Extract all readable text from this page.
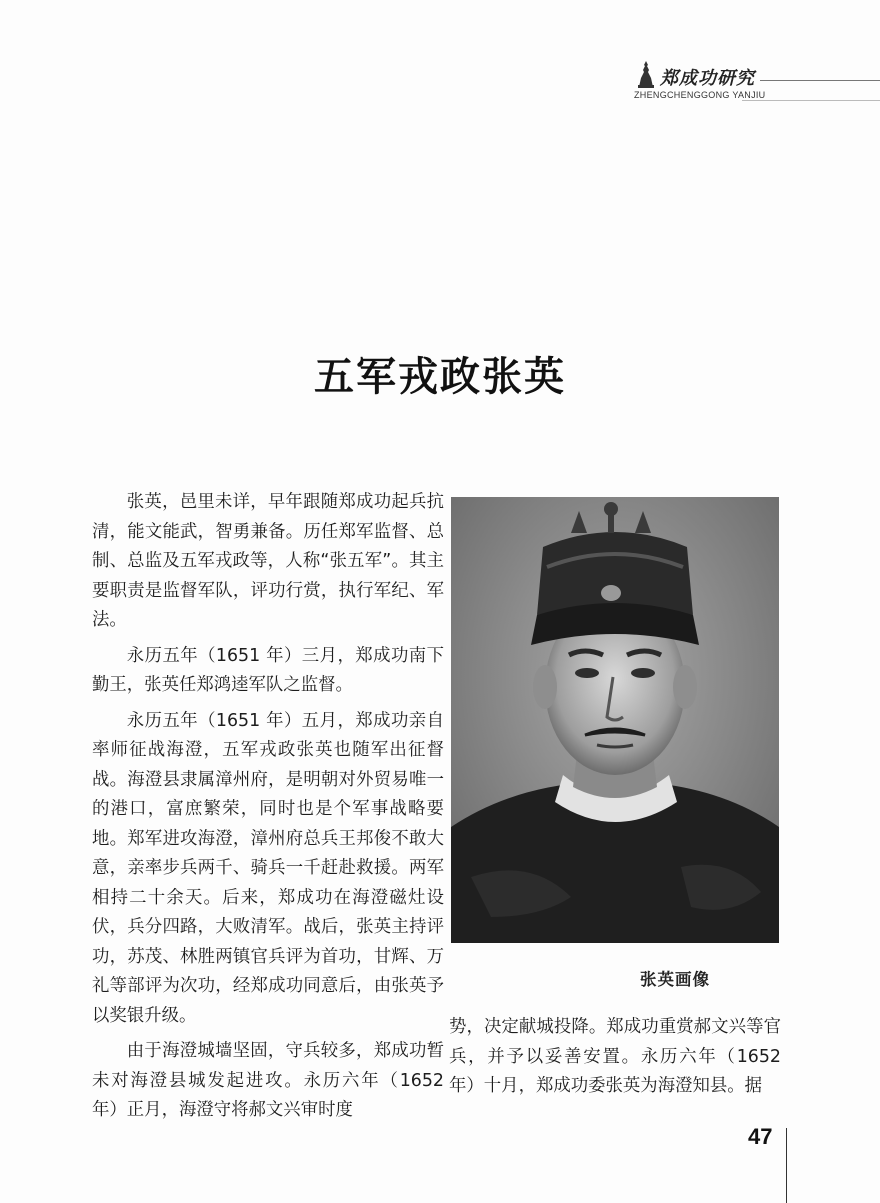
郑成功研究
ZHENGCHENGGONG YANJIU
五军戎政张英

张英，邑里未详，早年跟随郑成功起兵抗清，能文能武，智勇兼备。历任郑军监督、总制、总监及五军戎政等，人称“张五军”。其主要职责是监督军队，评功行赏，执行军纪、军法。

永历五年（1651 年）三月，郑成功南下勤王，张英任郑鸿逵军队之监督。

永历五年（1651 年）五月，郑成功亲自率师征战海澄，五军戎政张英也随军出征督战。海澄县隶属漳州府，是明朝对外贸易唯一的港口，富庶繁荣，同时也是个军事战略要地。郑军进攻海澄，漳州府总兵王邦俊不敢大意，亲率步兵两千、骑兵一千赶赴救援。两军相持二十余天。后来，郑成功在海澄磁灶设伏，兵分四路，大败清军。战后，张英主持评功，苏茂、林胜两镇官兵评为首功，甘辉、万礼等部评为次功，经郑成功同意后，由张英予以奖银升级。

由于海澄城墙坚固，守兵较多，郑成功暂未对海澄县城发起进攻。永历六年（1652 年）正月，海澄守将郝文兴审时度

张英画像

势，决定献城投降。郑成功重赏郝文兴等官兵，并予以妥善安置。永历六年（1652 年）十月，郑成功委张英为海澄知县。据

47
